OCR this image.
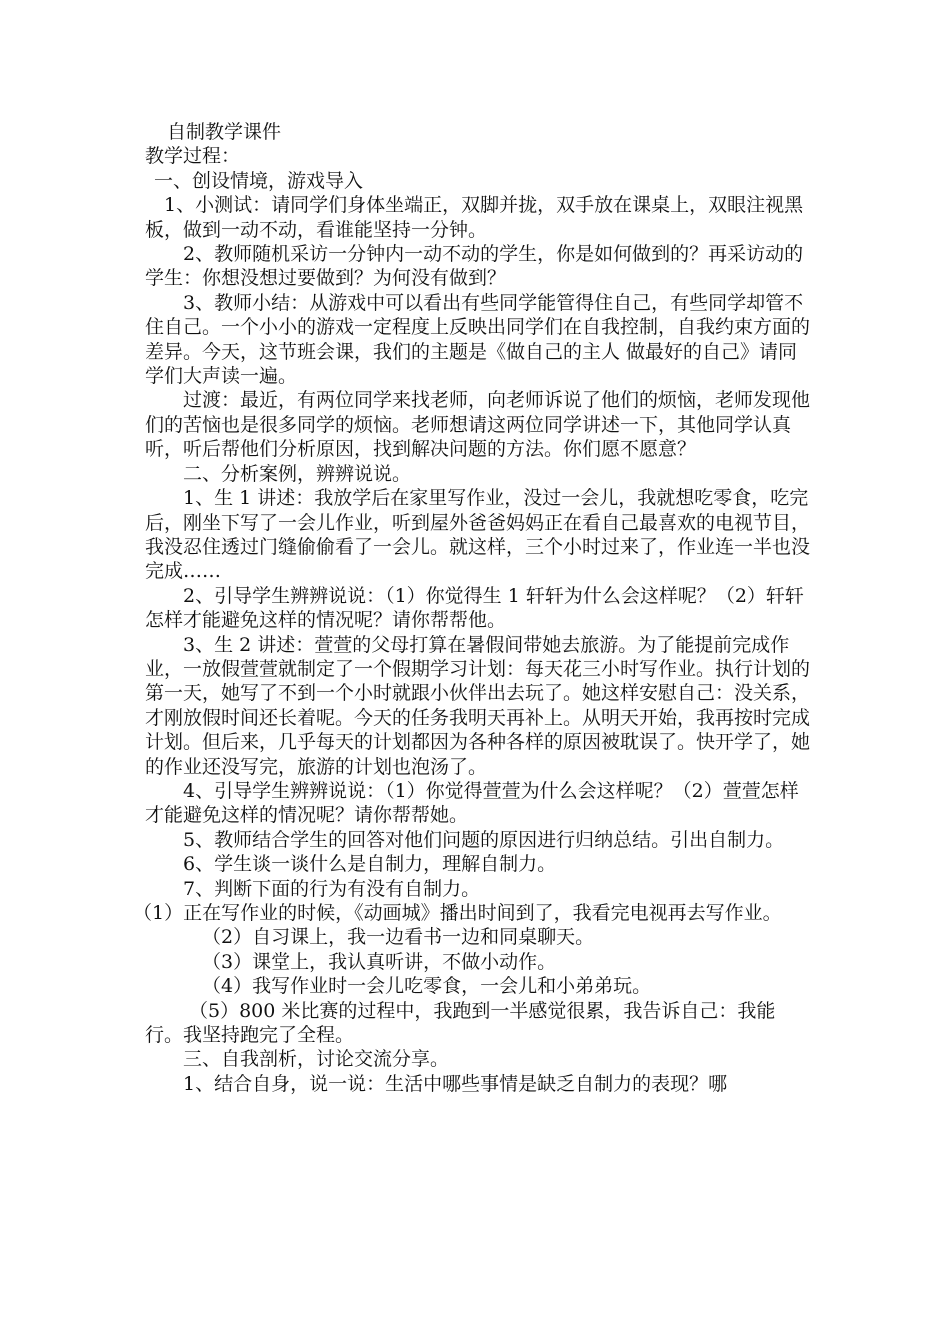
自制教学课件

教学过程：

一、创设情境，游戏导入

1、小测试：请同学们身体坐端正，双脚并拢，双手放在课桌上，双眼注视黑板，做到一动不动，看谁能坚持一分钟。

2、教师随机采访一分钟内一动不动的学生，你是如何做到的？再采访动的学生：你想没想过要做到？为何没有做到？

3、教师小结：从游戏中可以看出有些同学能管得住自己，有些同学却管不住自己。一个小小的游戏一定程度上反映出同学们在自我控制，自我约束方面的差异。今天，这节班会课，我们的主题是《做自己的主人 做最好的自己》请同学们大声读一遍。

过渡：最近，有两位同学来找老师，向老师诉说了他们的烦恼，老师发现他们的苦恼也是很多同学的烦恼。老师想请这两位同学讲述一下，其他同学认真听，听后帮他们分析原因，找到解决问题的方法。你们愿不愿意？

二、分析案例，辨辨说说。

1、生 1 讲述：我放学后在家里写作业，没过一会儿，我就想吃零食，吃完后，刚坐下写了一会儿作业，听到屋外爸爸妈妈正在看自己最喜欢的电视节目，我没忍住透过门缝偷偷看了一会儿。就这样，三个小时过来了，作业连一半也没完成……

2、引导学生辨辨说说：（1）你觉得生 1 轩轩为什么会这样呢？（2）轩轩怎样才能避免这样的情况呢？请你帮帮他。

3、生 2 讲述：萱萱的父母打算在暑假间带她去旅游。为了能提前完成作业，一放假萱萱就制定了一个假期学习计划：每天花三小时写作业。执行计划的第一天，她写了不到一个小时就跟小伙伴出去玩了。她这样安慰自己：没关系，才刚放假时间还长着呢。今天的任务我明天再补上。从明天开始，我再按时完成计划。但后来，几乎每天的计划都因为各种各样的原因被耽误了。快开学了，她的作业还没写完，旅游的计划也泡汤了。

4、引导学生辨辨说说：（1）你觉得萱萱为什么会这样呢？（2）萱萱怎样才能避免这样的情况呢？请你帮帮她。

5、教师结合学生的回答对他们问题的原因进行归纳总结。引出自制力。

6、学生谈一谈什么是自制力，理解自制力。

7、判断下面的行为有没有自制力。

（1）正在写作业的时候，《动画城》播出时间到了，我看完电视再去写作业。

（2）自习课上，我一边看书一边和同桌聊天。

（3）课堂上，我认真听讲，不做小动作。

（4）我写作业时一会儿吃零食，一会儿和小弟弟玩。

（5）800 米比赛的过程中，我跑到一半感觉很累，我告诉自己：我能行。我坚持跑完了全程。

三、自我剖析，讨论交流分享。

1、结合自身，说一说：生活中哪些事情是缺乏自制力的表现？哪
